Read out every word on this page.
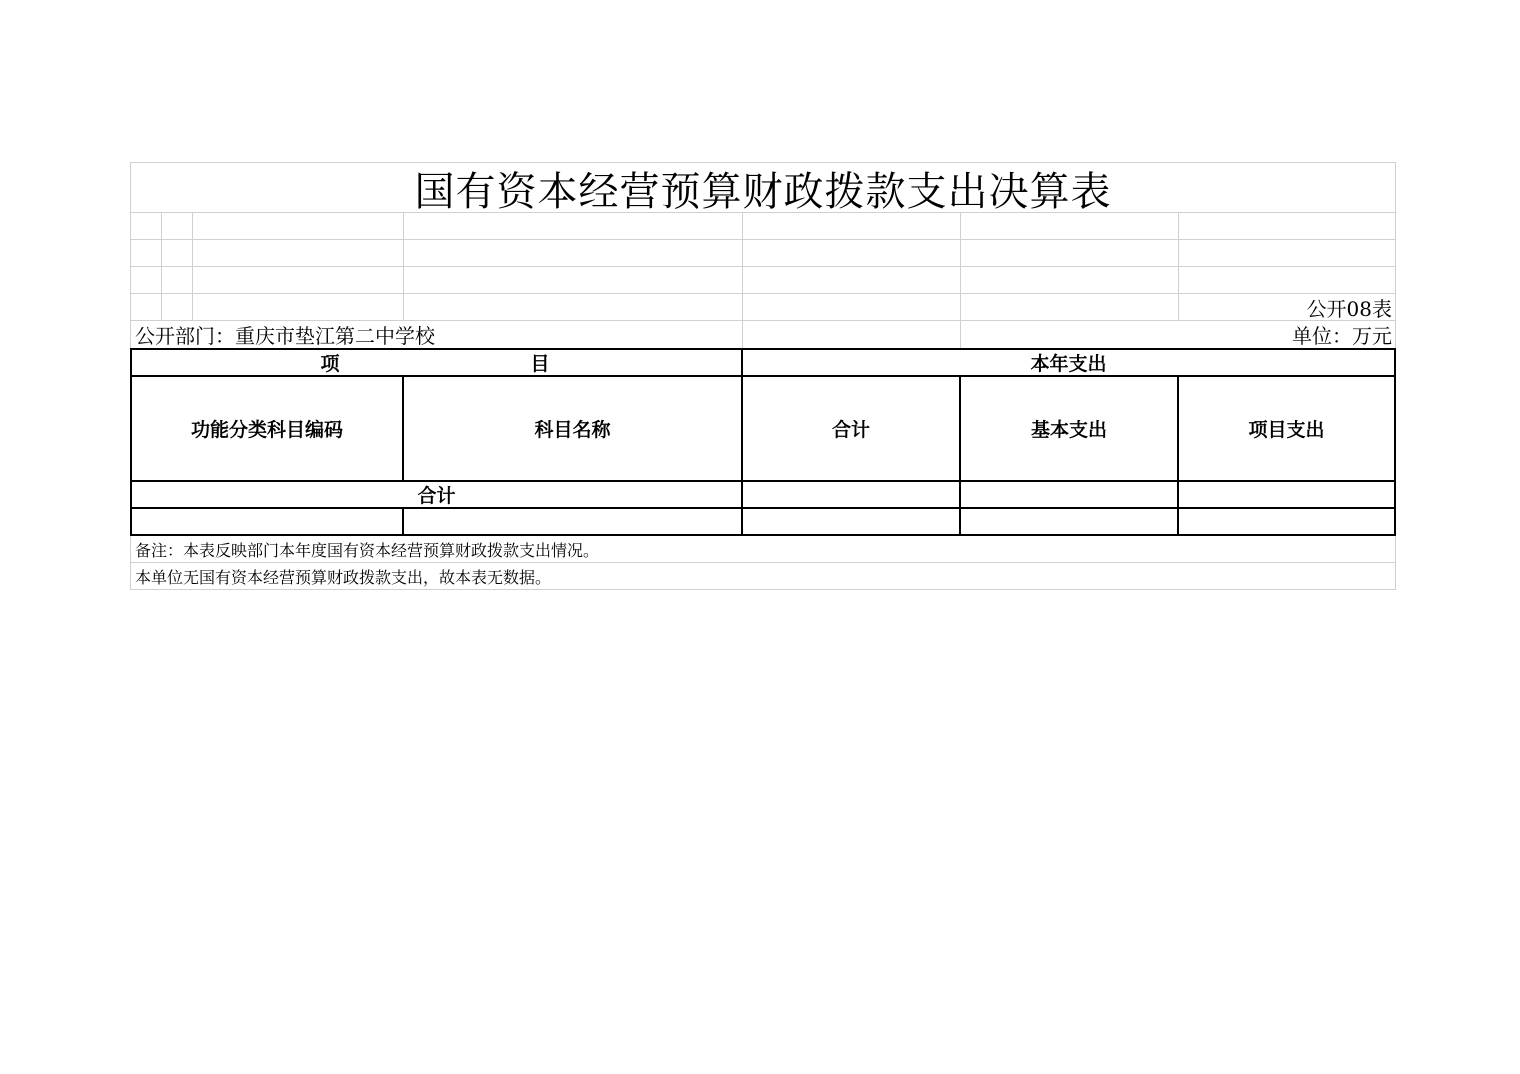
国有资本经营预算财政拨款支出决算表
公开08表
公开部门：重庆市垫江第二中学校	单位：万元
项	目	本年支出
功能分类科目编码	科目名称	合计	基本支出	项目支出
合计
备注：本表反映部门本年度国有资本经营预算财政拨款支出情况。
本单位无国有资本经营预算财政拨款支出，故本表无数据。
